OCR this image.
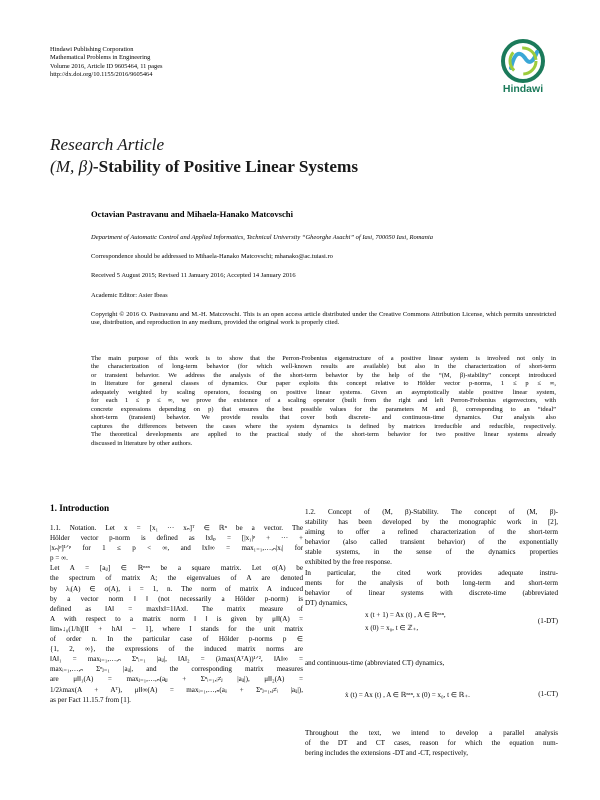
Hindawi Publishing Corporation
Mathematical Problems in Engineering
Volume 2016, Article ID 9605464, 11 pages
http://dx.doi.org/10.1155/2016/9605464
Hindawi
Research Article
(M, β)-Stability of Positive Linear Systems
Octavian Pastravanu and Mihaela-Hanako Matcovschi
Department of Automatic Control and Applied Informatics, Technical University “Gheorghe Asachi” of Iasi, 700050 Iasi, Romania
Correspondence should be addressed to Mihaela-Hanako Matcovschi; mhanako@ac.tuiasi.ro
Received 5 August 2015; Revised 11 January 2016; Accepted 14 January 2016
Academic Editor: Asier Ibeas
Copyright © 2016 O. Pastravanu and M.-H. Matcovschi. This is an open access article distributed under the Creative Commons Attribution License, which permits unrestricted use, distribution, and reproduction in any medium, provided the original work is properly cited.
The main purpose of this work is to show that the Perron-Frobenius eigenstructure of a positive linear system is involved not only in
the characterization of long-term behavior (for which well-known results are available) but also in the characterization of short-term
or transient behavior. We address the analysis of the short-term behavior by the help of the “(M, β)-stability” concept introduced
in literature for general classes of dynamics. Our paper exploits this concept relative to Hölder vector p-norms, 1 ≤ p ≤ ∞,
adequately weighted by scaling operators, focusing on positive linear systems. Given an asymptotically stable positive linear system,
for each 1 ≤ p ≤ ∞, we prove the existence of a scaling operator (built from the right and left Perron-Frobenius eigenvectors, with
concrete expressions depending on p) that ensures the best possible values for the parameters M and β, corresponding to an “ideal”
short-term (transient) behavior. We provide results that cover both discrete- and continuous-time dynamics. Our analysis also
captures the differences between the cases where the system dynamics is defined by matrices irreducible and reducible, respectively.
The theoretical developments are applied to the practical study of the short-term behavior for two positive linear systems already
discussed in literature by other authors.
1. Introduction
1.1. Notation. Let x = [x₁ ··· xₙ]ᵀ ∈ ℝⁿ be a vector. The
Hölder vector p-norm is defined as ‖x‖ₚ = [|x₁|ᵖ + ··· +
|xₙ|ᵖ]¹ᐟᵖ for 1 ≤ p < ∞, and ‖x‖∞ = max₁₌₁,…,ₙ|xᵢ| for
p = ∞.
Let A = [aᵢⱼ] ∈ ℝⁿˣⁿ be a square matrix. Let σ(A) be
the spectrum of matrix A; the eigenvalues of A are denoted
by λᵢ(A) ∈ σ(A), i = 1, n. The norm of matrix A induced
by a vector norm ‖ ‖ (not necessarily a Hölder p-norm) is
defined as ‖A‖ = max‖x‖=1‖Ax‖. The matrix measure of
A with respect to a matrix norm ‖ ‖ is given by μ‖‖(A) =
limₕ↓₀(1/h)[‖I + hA‖ − 1], where I stands for the unit matrix
of order n. In the particular case of Hölder p-norms p ∈
{1, 2, ∞}, the expressions of the induced matrix norms are
‖A‖₁ = maxⱼ₌₁,…,ₙ Σⁿᵢ₌₁ |aᵢⱼ|, ‖A‖₂ = (λmax(AᵀA))¹ᐟ², ‖A‖∞ =
maxᵢ₌₁,…,ₙ Σⁿⱼ₌₁ |aᵢⱼ|, and the corresponding matrix measures
are μ‖‖₁(A) = maxⱼ₌₁,…,ₙ(aⱼⱼ + Σⁿᵢ₌₁,ᵢ≠ⱼ |aᵢⱼ|), μ‖‖₂(A) =
1/2λmax(A + Aᵀ), μ‖‖∞(A) = maxᵢ₌₁,…,ₙ(aᵢᵢ + Σⁿⱼ₌₁,ⱼ≠ᵢ |aᵢⱼ|),
as per Fact 11.15.7 from [1].
1.2. Concept of (M, β)-Stability. The concept of (M, β)-
stability has been developed by the monographic work in [2],
aiming to offer a refined characterization of the short-term
behavior (also called transient behavior) of the exponentially
stable systems, in the sense of the dynamics properties
exhibited by the free response.
In particular, the cited work provides adequate instru-
ments for the analysis of both long-term and short-term
behavior of linear systems with discrete-time (abbreviated
DT) dynamics,
x (t + 1) = Ax (t) , A ∈ ℝⁿˣⁿ,
x (0) = x₀, t ∈ ℤ₊,
(1-DT)
and continuous-time (abbreviated CT) dynamics,
ẋ (t) = Ax (t) , A ∈ ℝⁿˣⁿ, x (0) = x₀, t ∈ ℝ₊.	(1-CT)
Throughout the text, we intend to develop a parallel analysis
of the DT and CT cases, reason for which the equation num-
bering includes the extensions -DT and -CT, respectively,
